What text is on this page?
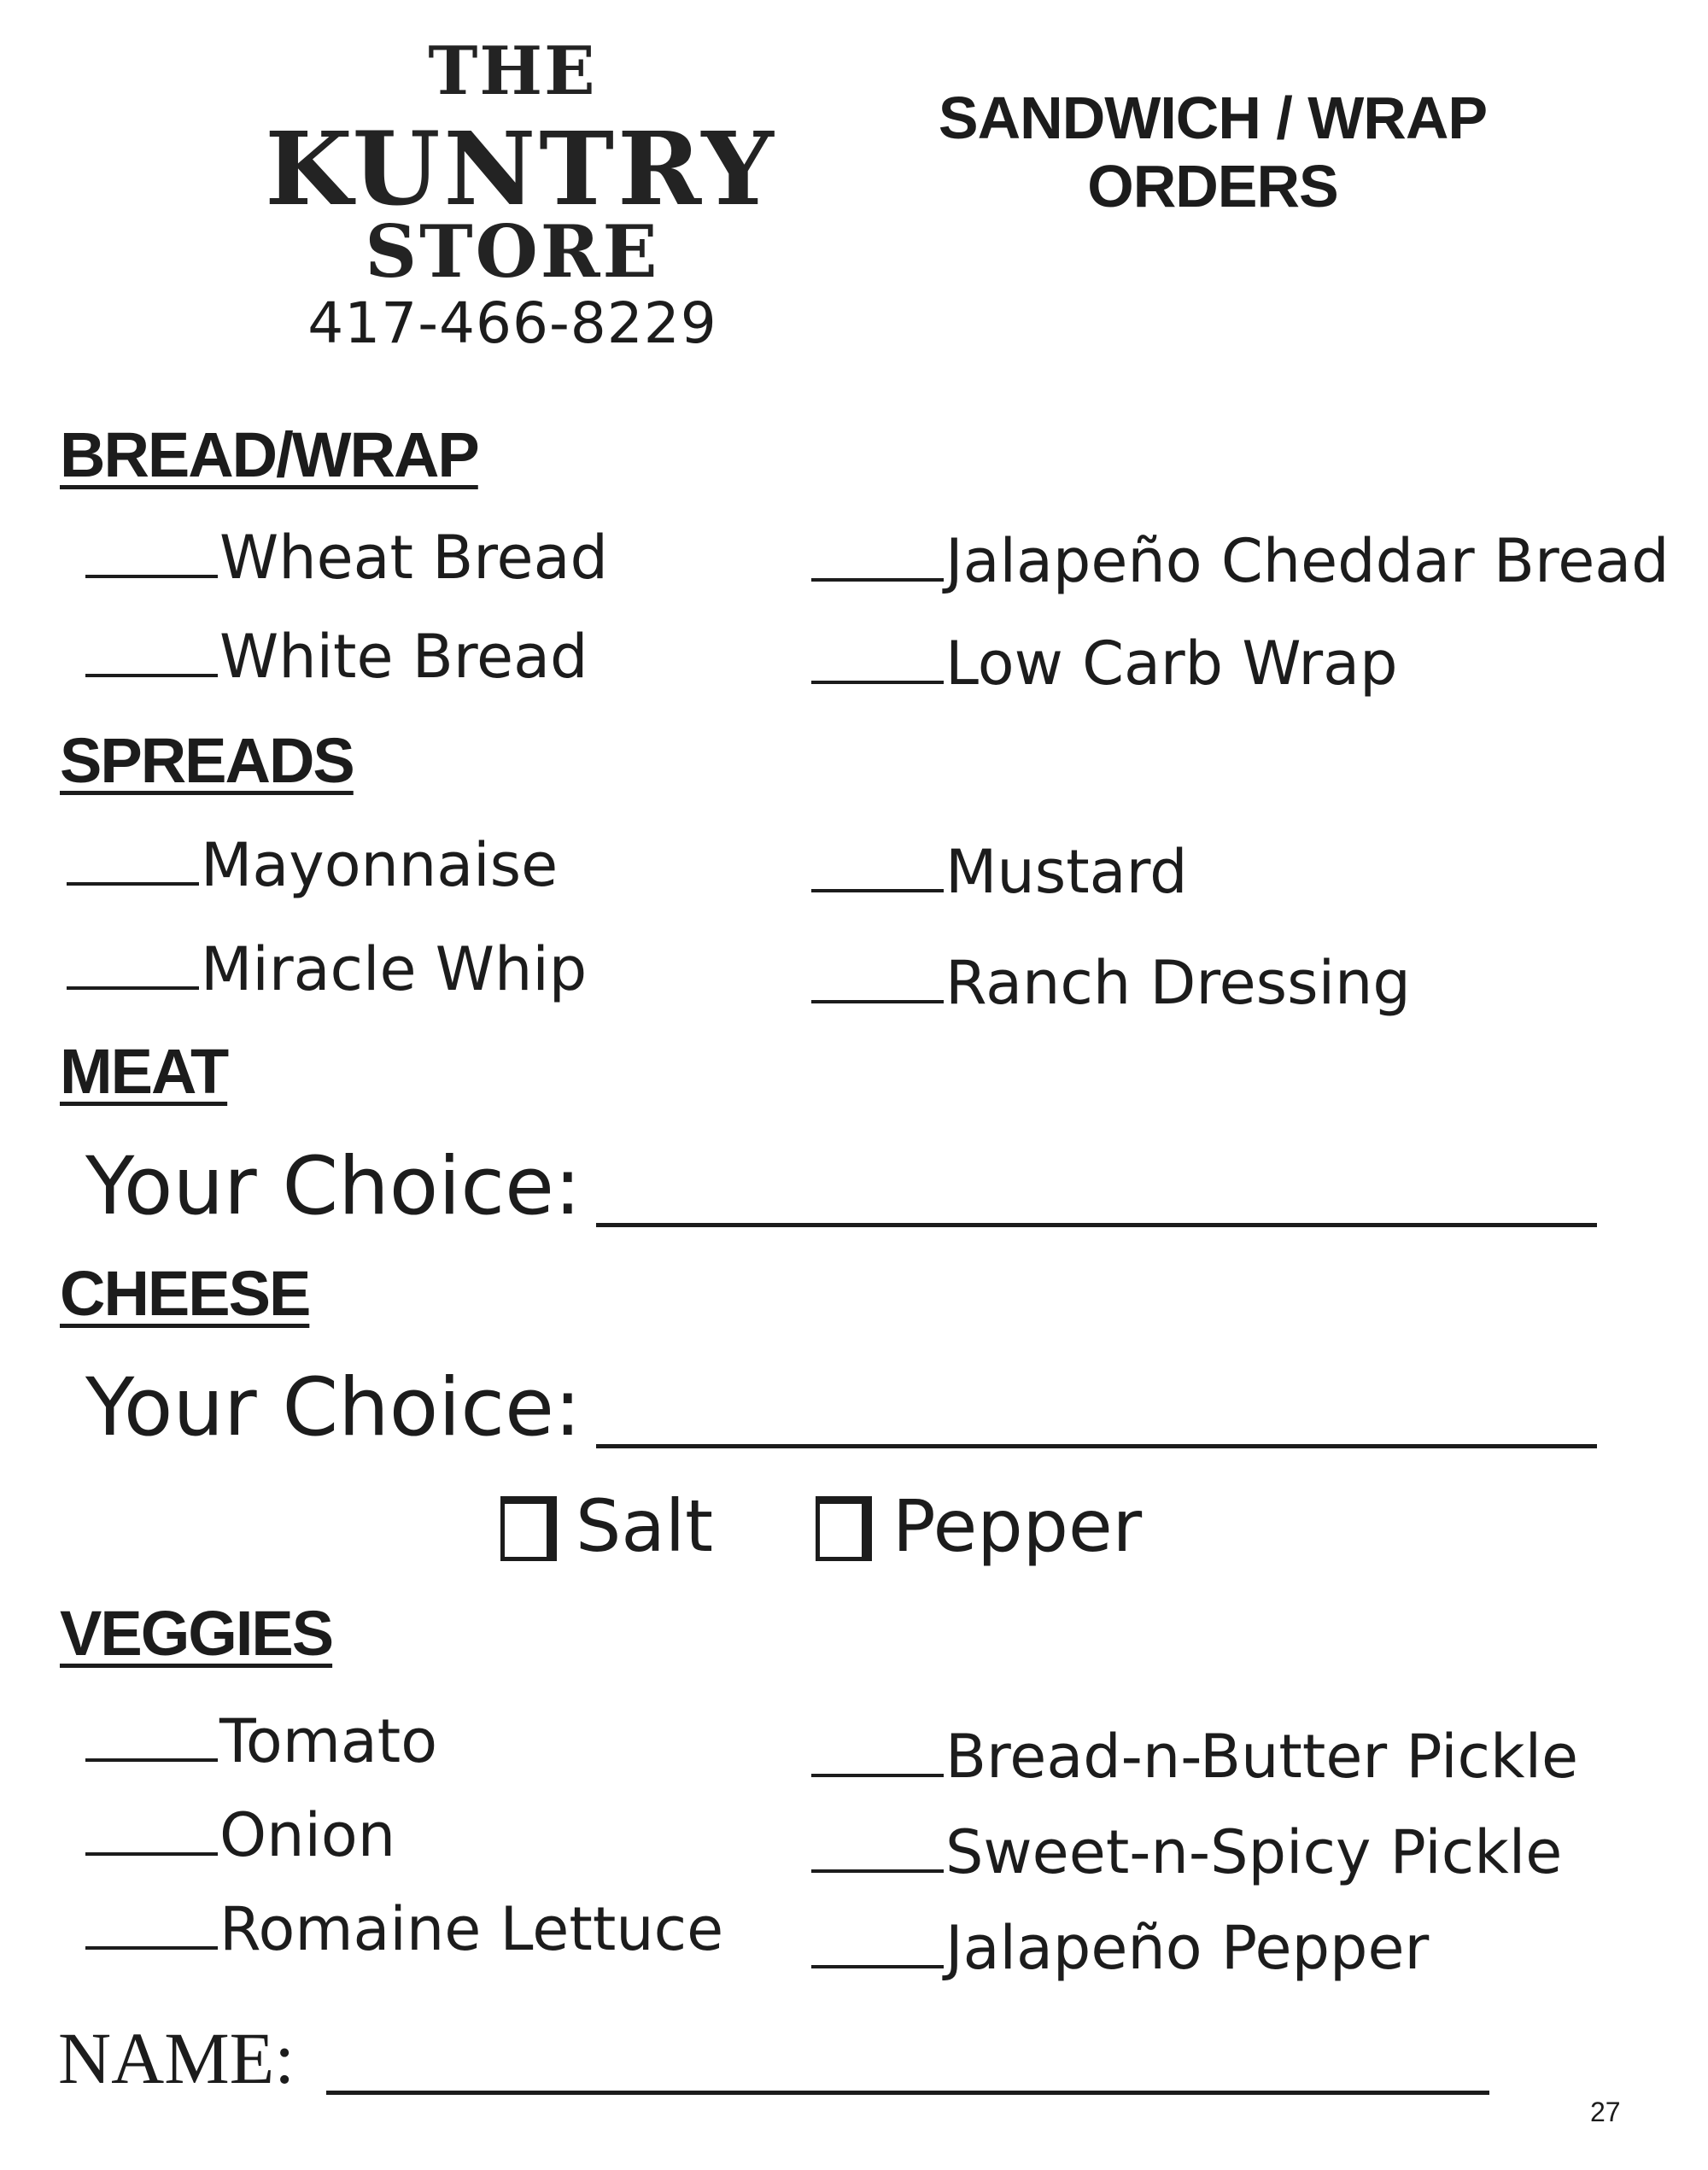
THE
KUNTRY
STORE
417-466-8229
SANDWICH / WRAP
ORDERS
BREAD/WRAP
Wheat Bread
White Bread
Jalapeño Cheddar Bread
Low Carb Wrap
SPREADS
Mayonnaise
Miracle Whip
Mustard
Ranch Dressing
MEAT
Your Choice:
CHEESE
Your Choice:
Salt Pepper
VEGGIES
Tomato
Onion
Romaine Lettuce
Bread-n-Butter Pickle
Sweet-n-Spicy Pickle
Jalapeño Pepper
NAME:
27
